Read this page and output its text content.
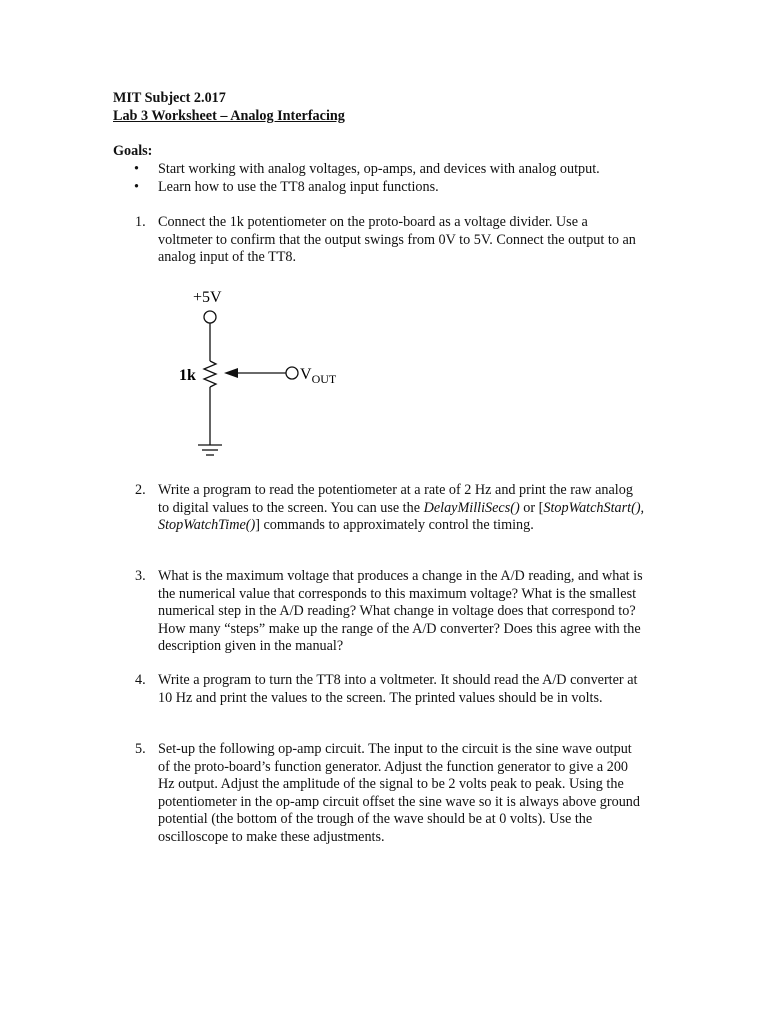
MIT Subject 2.017
Lab 3 Worksheet – Analog Interfacing
Goals:
•	Start working with analog voltages, op-amps, and devices with analog output.
•	Learn how to use the TT8 analog input functions.
1. Connect the 1k potentiometer on the proto-board as a voltage divider. Use a voltmeter to confirm that the output swings from 0V to 5V. Connect the output to an analog input of the TT8.
+5V
1k	$V_{OUT}$
2. Write a program to read the potentiometer at a rate of 2 Hz and print the raw analog to digital values to the screen. You can use the DelayMilliSecs() or [StopWatchStart(), StopWatchTime()] commands to approximately control the timing.
3. What is the maximum voltage that produces a change in the A/D reading, and what is the numerical value that corresponds to this maximum voltage? What is the smallest numerical step in the A/D reading? What change in voltage does that correspond to? How many “steps” make up the range of the A/D converter? Does this agree with the description given in the manual?
4. Write a program to turn the TT8 into a voltmeter. It should read the A/D converter at 10 Hz and print the values to the screen. The printed values should be in volts.
5. Set-up the following op-amp circuit. The input to the circuit is the sine wave output of the proto-board’s function generator. Adjust the function generator to give a 200 Hz output. Adjust the amplitude of the signal to be 2 volts peak to peak. Using the potentiometer in the op-amp circuit offset the sine wave so it is always above ground potential (the bottom of the trough of the wave should be at 0 volts). Use the oscilloscope to make these adjustments.
